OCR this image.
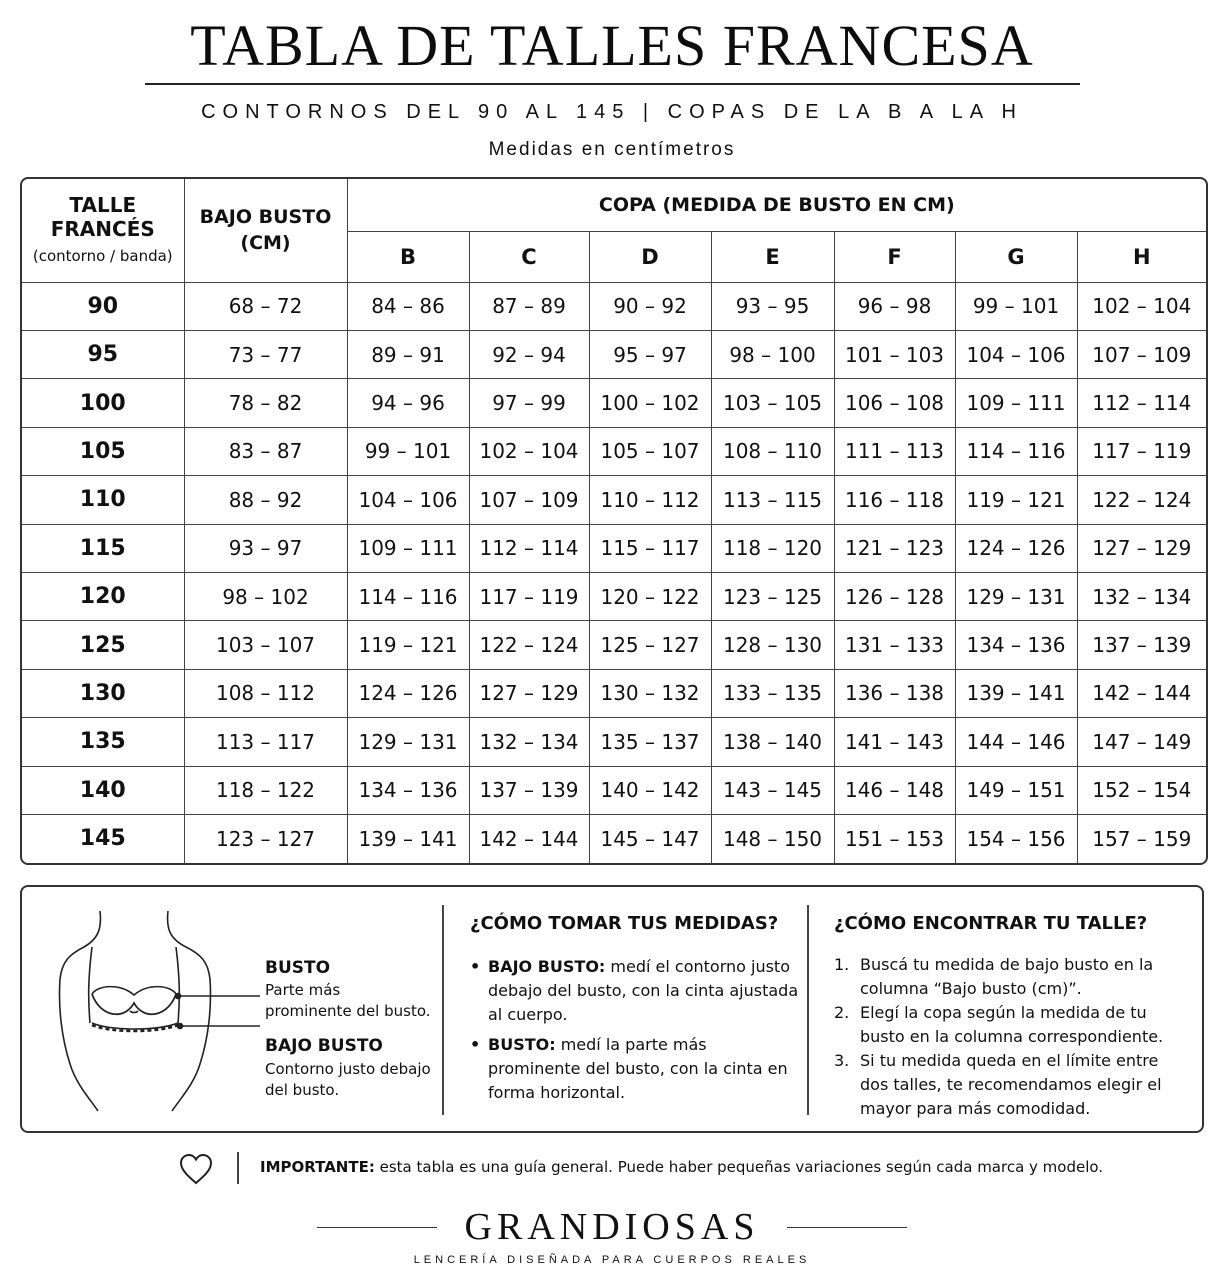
TABLA DE TALLES FRANCESA
CONTORNOS DEL 90 AL 145 | COPAS DE LA B A LA H
Medidas en centímetros
TALLE FRANCÉS
(contorno / banda)	BAJO BUSTO (CM)	COPA (MEDIDA DE BUSTO EN CM)						
		B	C	D	E	F	G	H
90	68 – 72	84 – 86	87 – 89	90 – 92	93 – 95	96 – 98	99 – 101	102 – 104
95	73 – 77	89 – 91	92 – 94	95 – 97	98 – 100	101 – 103	104 – 106	107 – 109
100	78 – 82	94 – 96	97 – 99	100 – 102	103 – 105	106 – 108	109 – 111	112 – 114
105	83 – 87	99 – 101	102 – 104	105 – 107	108 – 110	111 – 113	114 – 116	117 – 119
110	88 – 92	104 – 106	107 – 109	110 – 112	113 – 115	116 – 118	119 – 121	122 – 124
115	93 – 97	109 – 111	112 – 114	115 – 117	118 – 120	121 – 123	124 – 126	127 – 129
120	98 – 102	114 – 116	117 – 119	120 – 122	123 – 125	126 – 128	129 – 131	132 – 134
125	103 – 107	119 – 121	122 – 124	125 – 127	128 – 130	131 – 133	134 – 136	137 – 139
130	108 – 112	124 – 126	127 – 129	130 – 132	133 – 135	136 – 138	139 – 141	142 – 144
135	113 – 117	129 – 131	132 – 134	135 – 137	138 – 140	141 – 143	144 – 146	147 – 149
140	118 – 122	134 – 136	137 – 139	140 – 142	143 – 145	146 – 148	149 – 151	152 – 154
145	123 – 127	139 – 141	142 – 144	145 – 147	148 – 150	151 – 153	154 – 156	157 – 159
BUSTO
Parte más
prominente del busto.
BAJO BUSTO
Contorno justo debajo
del busto.
¿CÓMO TOMAR TUS MEDIDAS?
• BAJO BUSTO: medí el contorno justo debajo del busto, con la cinta ajustada al cuerpo.
• BUSTO: medí la parte más prominente del busto, con la cinta en forma horizontal.
¿CÓMO ENCONTRAR TU TALLE?
1. Buscá tu medida de bajo busto en la columna “Bajo busto (cm)”.
2. Elegí la copa según la medida de tu busto en la columna correspondiente.
3. Si tu medida queda en el límite entre dos talles, te recomendamos elegir el mayor para más comodidad.
IMPORTANTE: esta tabla es una guía general. Puede haber pequeñas variaciones según cada marca y modelo.
GRANDIOSAS
LENCERÍA DISEÑADA PARA CUERPOS REALES
